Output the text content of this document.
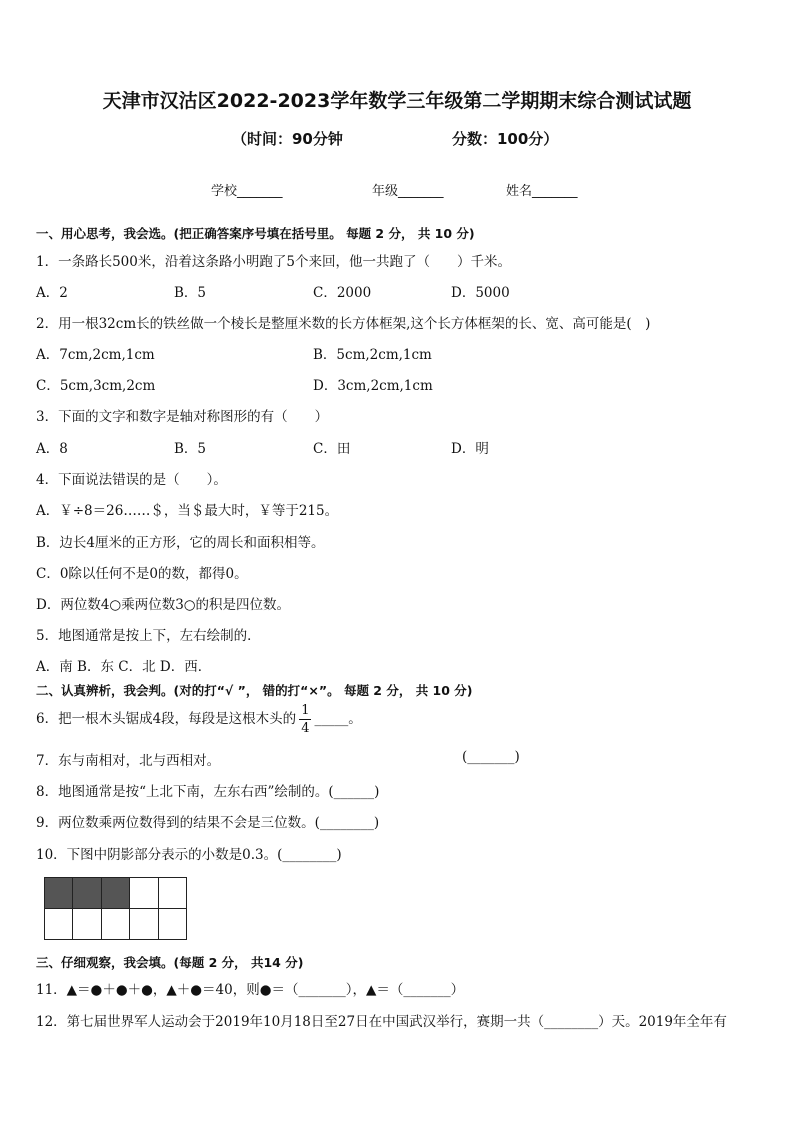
天津市汉沽区2022-2023学年数学三年级第二学期期末综合测试试题
（时间：90分钟	分数：100分）
学校_______	年级_______	姓名_______
一、用心思考，我会选。(把正确答案序号填在括号里。 每题 2 分， 共 10 分)
1．一条路长500米，沿着这条路小明跑了5个来回，他一共跑了（　　）千米。
A．2	B．5	C．2000	D．5000
2．用一根32cm长的铁丝做一个棱长是整厘米数的长方体框架,这个长方体框架的长、宽、高可能是(　)
A．7cm,2cm,1cm	B．5cm,2cm,1cm
C．5cm,3cm,2cm	D．3cm,2cm,1cm
3．下面的文字和数字是轴对称图形的有（　　）
A．8	B．5	C．田	D．明
4．下面说法错误的是（　　）。
A．￥÷8＝26……＄，当＄最大时，￥等于215。
B．边长4厘米的正方形，它的周长和面积相等。
C．0除以任何不是0的数，都得0。
D．两位数4○乘两位数3○的积是四位数。
5．地图通常是按上下，左右绘制的．
A．南 B．东 C．北 D．西．
二、认真辨析，我会判。(对的打“√ ”， 错的打“×”。 每题 2 分， 共 10 分)
6．把一根木头锯成4段，每段是这根木头的 $\frac{1}{4}$ _____。
7．东与南相对，北与西相对。	(_______)
8．地图通常是按“上北下南，左东右西”绘制的。(______)
9．两位数乘两位数得到的结果不会是三位数。(________)
10．下图中阴影部分表示的小数是0.3。(________)
三、仔细观察，我会填。(每题 2 分， 共14 分)
11．▲＝●＋●＋●，▲＋●＝40，则●＝（_______），▲＝（_______）
12．第七届世界军人运动会于2019年10月18日至27日在中国武汉举行，赛期一共（________）天。2019年全年有
